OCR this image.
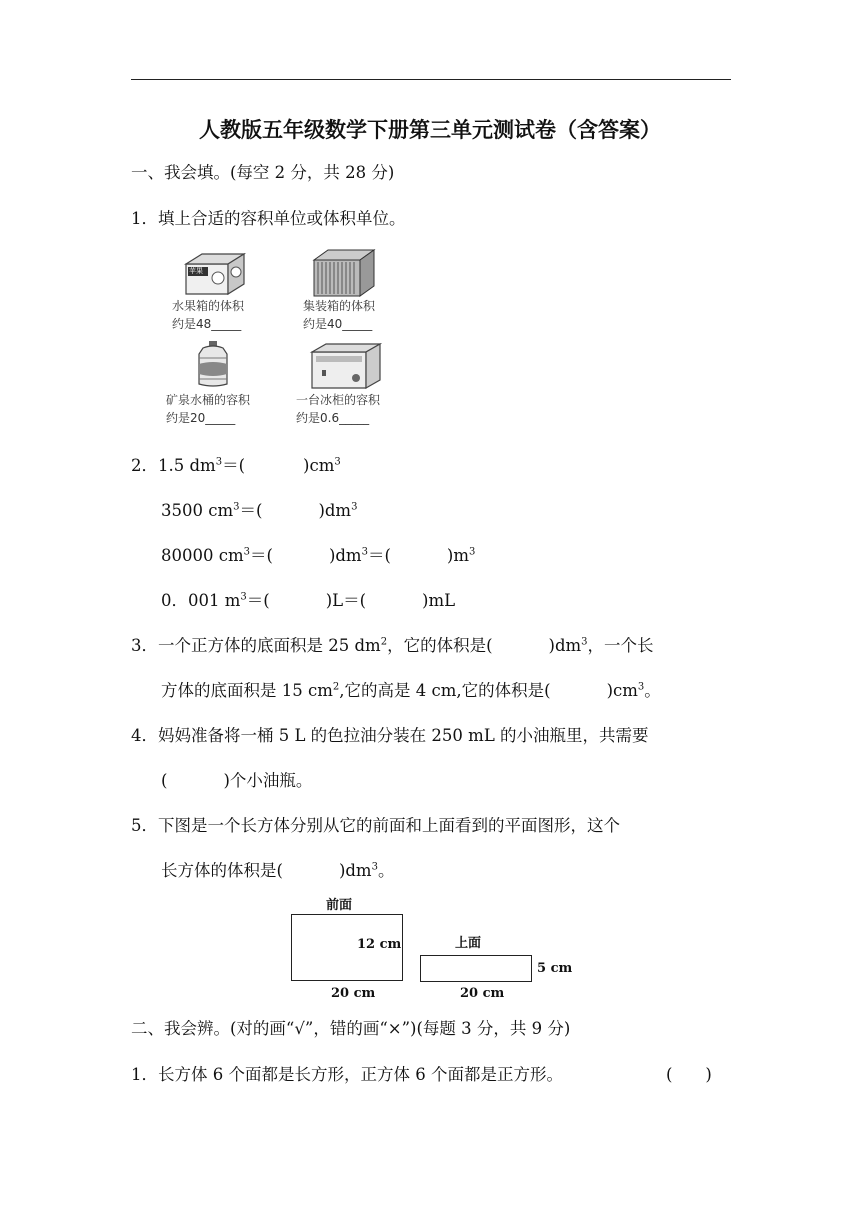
人教版五年级数学下册第三单元测试卷（含答案）
一、我会填。(每空 2 分，共 28 分)
1．填上合适的容积单位或体积单位。
苹果
水果箱的体积
约是48_____
集装箱的体积
约是40_____
矿泉水桶的容积
约是20_____
一台冰柜的容积
约是0.6_____
2．1.5 $dm^3=$(	)$cm^3$
3500 $cm^3=$(	)$dm^3$
80000 $cm^3=$(	)$dm^3=$(	)$m^3$
0．001 $m^3=$(	)L＝(	)mL
3．一个正方体的底面积是 25 $dm^2$，它的体积是(	)$dm^3$，一个长
方体的底面积是 15 $cm^2$,它的高是 4 cm,它的体积是(	)$cm^3$。
4．妈妈准备将一桶 5 L 的色拉油分装在 250 mL 的小油瓶里，共需要
(	)个小油瓶。
5．下图是一个长方体分别从它的前面和上面看到的平面图形，这个
长方体的体积是(	)$dm^3$。
前面
12 cm
20 cm
上面
5 cm
20 cm
二、我会辨。(对的画“√”，错的画“×”)(每题 3 分，共 9 分)
1．长方体 6 个面都是长方形，正方体 6 个面都是正方形。	(　　)
